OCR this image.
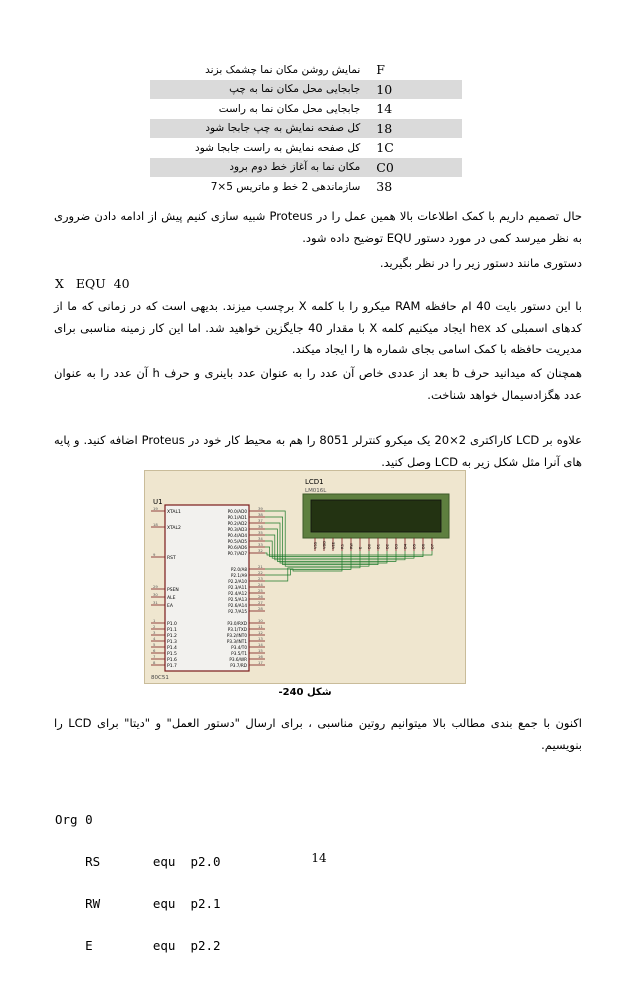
نمایش روشن مکان نما چشمک بزند	F
جابجایی محل مکان نما به چپ	10
جابجایی محل مکان نما به راست	14
کل صفحه نمایش به چپ جابجا شود	18
کل صفحه نمایش به راست جابجا شود	1C
مکان نما به آغاز خط دوم برود	C0
سازماندهی 2 خط و ماتریس 5×7	38
حال تصمیم داریم با کمک اطلاعات بالا همین عمل را در Proteus شبیه سازی کنیم پیش از ادامه دادن ضروری به نظر میرسد کمی در مورد دستور EQU توضیح داده شود.
دستوری مانند دستور زیر را در نظر بگیرید.
X   EQU  40
با این دستور بایت 40 ام حافظه RAM میکرو را با کلمه X برچسب میزند. بدیهی است که در زمانی که ما از کدهای اسمبلی کد hex ایجاد میکنیم کلمه X با مقدار 40 جایگزین خواهید شد. اما این کار زمینه مناسبی برای مدیریت حافظه با کمک اسامی بجای شماره ها را ایجاد میکند.
همچنان که میدانید حرف b بعد از عددی خاص آن عدد را به عنوان عدد باینری و حرف h آن عدد را به عنوان عدد هگزادسیمال خواهد شناخت.
علاوه بر LCD کاراکتری 2×20 یک میکرو کنترلر 8051 را هم به محیط کار خود در Proteus اضافه کنید. و پایه های آنرا مثل شکل زیر به LCD وصل کنید.
LCD1
LM016L
VSS VDD VEE RS RW E D0 D1 D2 D3 D4 D5 D6 D7
U1
80C51
XTAL1
19
XTAL2
18
RST
9
PSEN
29
ALE
30
EA
31
P1.0
1
P1.1
2
P1.2
3
P1.3
4
P1.4
5
P1.5
6
P1.6
7
P1.7
8
P0.0/AD0
39
P0.1/AD1
38
P0.2/AD2
37
P0.3/AD3
36
P0.4/AD4
35
P0.5/AD5
34
P0.6/AD6
33
P0.7/AD7
32
P2.0/A8
21
P2.1/A9
22
P2.2/A10
23
P2.3/A11
24
P2.4/A12
25
P2.5/A13
26
P2.6/A14
27
P2.7/A15
28
P3.0/RXD
10
P3.1/TXD
11
P3.2/INT0
12
P3.3/INT1
13
P3.4/T0
14
P3.5/T1
15
P3.6/WR
16
P3.7/RD
17
شکل 240-
اکنون با جمع بندی مطالب بالا میتوانیم روتین مناسبی ، برای ارسال "دستور العمل" و "دیتا" برای LCD را بنویسیم.

Org 0

RS       equ  p2.0

RW       equ  p2.1

E        equ  p2.2

14
